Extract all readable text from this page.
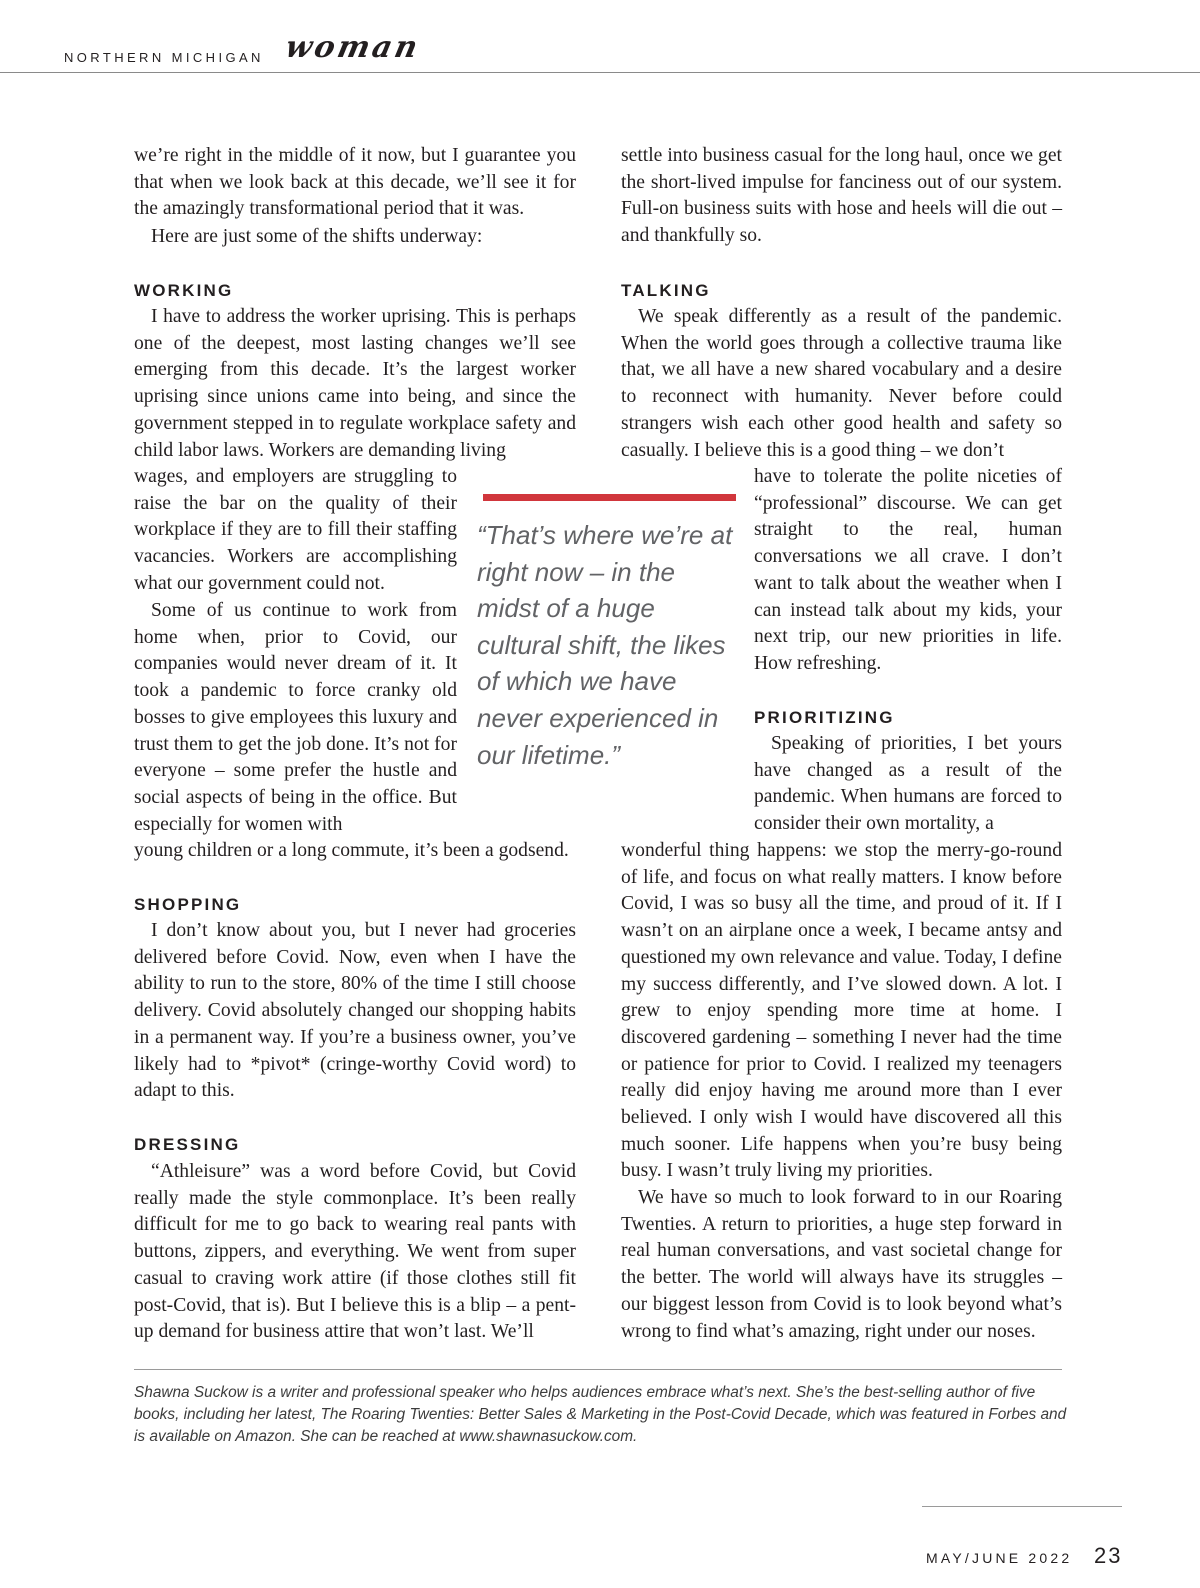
NORTHERN MICHIGAN woman

we’re right in the middle of it now, but I guarantee you that when we look back at this decade, we’ll see it for the amazingly transformational period that it was.

Here are just some of the shifts underway:

WORKING

I have to address the worker uprising. This is perhaps one of the deepest, most lasting changes we’ll see emerging from this decade. It’s the largest worker uprising since unions came into being, and since the government stepped in to regulate workplace safety and child labor laws. Workers are demanding living

wages, and employers are struggling to raise the bar on the quality of their workplace if they are to fill their staffing vacancies. Workers are accomplishing what our government could not.

Some of us continue to work from home when, prior to Covid, our companies would never dream of it. It took a pandemic to force cranky old bosses to give employees this luxury and trust them to get the job done. It’s not for everyone – some prefer the hustle and social aspects of being in the office. But especially for women with

young children or a long commute, it’s been a godsend.

SHOPPING

I don’t know about you, but I never had groceries delivered before Covid. Now, even when I have the ability to run to the store, 80% of the time I still choose delivery. Covid absolutely changed our shopping habits in a permanent way. If you’re a business owner, you’ve likely had to *pivot* (cringe-worthy Covid word) to adapt to this.

DRESSING

“Athleisure” was a word before Covid, but Covid really made the style commonplace. It’s been really difficult for me to go back to wearing real pants with buttons, zippers, and everything. We went from super casual to craving work attire (if those clothes still fit post-Covid, that is). But I believe this is a blip – a pent-up demand for business attire that won’t last. We’ll

“That’s where we’re at right now – in the midst of a huge cultural shift, the likes of which we have never experienced in our lifetime.”

settle into business casual for the long haul, once we get the short-lived impulse for fanciness out of our system. Full-on business suits with hose and heels will die out – and thankfully so.

TALKING

We speak differently as a result of the pandemic. When the world goes through a collective trauma like that, we all have a new shared vocabulary and a desire to reconnect with humanity. Never before could strangers wish each other good health and safety so casually. I believe this is a good thing – we don’t

have to tolerate the polite niceties of “professional” discourse. We can get straight to the real, human conversations we all crave. I don’t want to talk about the weather when I can instead talk about my kids, your next trip, our new priorities in life. How refreshing.

PRIORITIZING

Speaking of priorities, I bet yours have changed as a result of the pandemic. When humans are forced to consider their own mortality, a

wonderful thing happens: we stop the merry-go-round of life, and focus on what really matters. I know before Covid, I was so busy all the time, and proud of it. If I wasn’t on an airplane once a week, I became antsy and questioned my own relevance and value. Today, I define my success differently, and I’ve slowed down. A lot. I grew to enjoy spending more time at home. I discovered gardening – something I never had the time or patience for prior to Covid. I realized my teenagers really did enjoy having me around more than I ever believed. I only wish I would have discovered all this much sooner. Life happens when you’re busy being busy. I wasn’t truly living my priorities.

We have so much to look forward to in our Roaring Twenties. A return to priorities, a huge step forward in real human conversations, and vast societal change for the better. The world will always have its struggles – our biggest lesson from Covid is to look beyond what’s wrong to find what’s amazing, right under our noses.

Shawna Suckow is a writer and professional speaker who helps audiences embrace what’s next. She’s the best-selling author of five books, including her latest, The Roaring Twenties: Better Sales & Marketing in the Post-Covid Decade, which was featured in Forbes and is available on Amazon. She can be reached at www.shawnasuckow.com.

MAY/JUNE 2022 23
